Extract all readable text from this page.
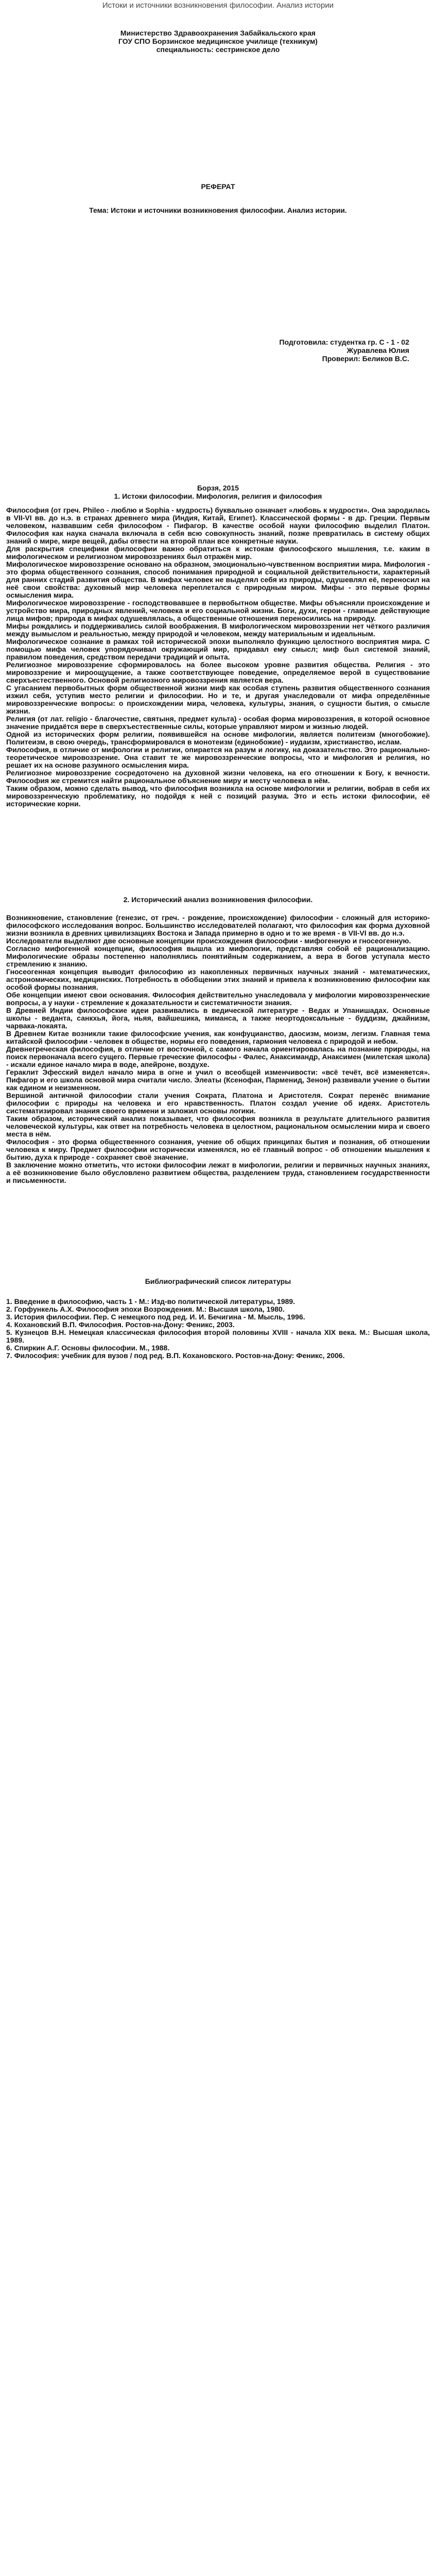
Истоки и источники возникновения философии. Анализ истории
Министерство Здравоохранения Забайкальского края
ГОУ СПО Борзинское медицинское училище (техникум)
специальность: сестринское дело
РЕФЕРАТ
Тема: Истоки и источники возникновения философии. Анализ истории.
Подготовила: студентка гр. С - 1 - 02
Журавлева Юлия
Проверил: Беликов В.С.
Борзя, 2015
1. Истоки философии. Мифология, религия и философия

Философия (от греч. Phileo - люблю и Sophia - мудрость) буквально означает «любовь к мудрости». Она зародилась в VII-VI вв. до н.э. в странах древнего мира (Индия, Китай, Египет). Классической формы - в др. Греции. Первым человеком, назвавшим себя философом - Пифагор. В качестве особой науки философию выделил Платон. Философия как наука сначала включала в себя всю совокупность знаний, позже превратилась в систему общих знаний о мире, мире вещей, дабы отвести на второй план все конкретные науки.

Для раскрытия специфики философии важно обратиться к истокам философского мышления, т.е. каким в мифологическом и религиозном мировоззрениях был отражён мир.

Мифологическое мировоззрение основано на образном, эмоционально-чувственном восприятии мира. Мифология - это форма общественного сознания, способ понимания природной и социальной действительности, характерный для ранних стадий развития общества. В мифах человек не выделял себя из природы, одушевлял её, переносил на неё свои свойства: духовный мир человека переплетался с природным миром. Мифы - это первые формы осмысления мира.

Мифологическое мировоззрение - господствовавшее в первобытном обществе. Мифы объясняли происхождение и устройство мира, природных явлений, человека и его социальной жизни. Боги, духи, герои - главные действующие лица мифов; природа в мифах одушевлялась, а общественные отношения переносились на природу.

Мифы рождались и поддерживались силой воображения. В мифологическом мировоззрении нет чёткого различия между вымыслом и реальностью, между природой и человеком, между материальным и идеальным.

Мифологическое сознание в рамках той исторической эпохи выполняло функцию целостного восприятия мира. С помощью мифа человек упорядочивал окружающий мир, придавал ему смысл; миф был системой знаний, правилом поведения, средством передачи традиций и опыта.

Религиозное мировоззрение сформировалось на более высоком уровне развития общества. Религия - это мировоззрение и мироощущение, а также соответствующее поведение, определяемое верой в существование сверхъестественного. Основой религиозного мировоззрения является вера.

С угасанием первобытных форм общественной жизни миф как особая ступень развития общественного сознания изжил себя, уступив место религии и философии. Но и те, и другая унаследовали от мифа определённые мировоззренческие вопросы: о происхождении мира, человека, культуры, знания, о сущности бытия, о смысле жизни.

Религия (от лат. religio - благочестие, святыня, предмет культа) - особая форма мировоззрения, в которой основное значение придаётся вере в сверхъестественные силы, которые управляют миром и жизнью людей.

Одной из исторических форм религии, появившейся на основе мифологии, является политеизм (многобожие). Политеизм, в свою очередь, трансформировался в монотеизм (единобожие) - иудаизм, христианство, ислам.

Философия, в отличие от мифологии и религии, опирается на разум и логику, на доказательство. Это рационально-теоретическое мировоззрение. Она ставит те же мировоззренческие вопросы, что и мифология и религия, но решает их на основе разумного осмысления мира.

Религиозное мировоззрение сосредоточено на духовной жизни человека, на его отношении к Богу, к вечности. Философия же стремится найти рациональное объяснение миру и месту человека в нём.

Таким образом, можно сделать вывод, что философия возникла на основе мифологии и религии, вобрав в себя их мировоззренческую проблематику, но подойдя к ней с позиций разума. Это и есть истоки философии, её исторические корни.

2. Исторический анализ возникновения философии.

Возникновение, становление (генезис, от греч. - рождение, происхождение) философии - сложный для историко-философского исследования вопрос. Большинство исследователей полагают, что философия как форма духовной жизни возникла в древних цивилизациях Востока и Запада примерно в одно и то же время - в VII-VI вв. до н.э.

Исследователи выделяют две основные концепции происхождения философии - мифогенную и гносеогенную.

Согласно мифогенной концепции, философия вышла из мифологии, представляя собой её рационализацию. Мифологические образы постепенно наполнялись понятийным содержанием, а вера в богов уступала место стремлению к знанию.

Гносеогенная концепция выводит философию из накопленных первичных научных знаний - математических, астрономических, медицинских. Потребность в обобщении этих знаний и привела к возникновению философии как особой формы познания.

Обе концепции имеют свои основания. Философия действительно унаследовала у мифологии мировоззренческие вопросы, а у науки - стремление к доказательности и систематичности знания.

В Древней Индии философские идеи развивались в ведической литературе - Ведах и Упанишадах. Основные школы - веданта, санкхья, йога, ньяя, вайшешика, миманса, а также неортодоксальные - буддизм, джайнизм, чарвака-локаята.

В Древнем Китае возникли такие философские учения, как конфуцианство, даосизм, моизм, легизм. Главная тема китайской философии - человек в обществе, нормы его поведения, гармония человека с природой и небом.

Древнегреческая философия, в отличие от восточной, с самого начала ориентировалась на познание природы, на поиск первоначала всего сущего. Первые греческие философы - Фалес, Анаксимандр, Анаксимен (милетская школа) - искали единое начало мира в воде, апейроне, воздухе.

Гераклит Эфесский видел начало мира в огне и учил о всеобщей изменчивости: «всё течёт, всё изменяется». Пифагор и его школа основой мира считали число. Элеаты (Ксенофан, Парменид, Зенон) развивали учение о бытии как едином и неизменном.

Вершиной античной философии стали учения Сократа, Платона и Аристотеля. Сократ перенёс внимание философии с природы на человека и его нравственность. Платон создал учение об идеях. Аристотель систематизировал знания своего времени и заложил основы логики.

Таким образом, исторический анализ показывает, что философия возникла в результате длительного развития человеческой культуры, как ответ на потребность человека в целостном, рациональном осмыслении мира и своего места в нём.

Философия - это форма общественного сознания, учение об общих принципах бытия и познания, об отношении человека к миру. Предмет философии исторически изменялся, но её главный вопрос - об отношении мышления к бытию, духа к природе - сохраняет своё значение.

В заключение можно отметить, что истоки философии лежат в мифологии, религии и первичных научных знаниях, а её возникновение было обусловлено развитием общества, разделением труда, становлением государственности и письменности.

Библиографический список литературы

1. Введение в философию, часть 1 - М.: Изд-во политической литературы, 1989.

2. Горфункель А.Х. Философия эпохи Возрождения. М.: Высшая школа, 1980.

3. История философии. Пер. С немецкого под ред. И. И. Бечигина - М. Мысль, 1996.

4. Кохановский В.П. Философия. Ростов-на-Дону: Феникс, 2003.

5. Кузнецов В.Н. Немецкая классическая философия второй половины XVIII - начала XIX века. М.: Высшая школа, 1989.

6. Спиркин А.Г. Основы философии. М., 1988.

7. Философия: учебник для вузов / под ред. В.П. Кохановского. Ростов-на-Дону: Феникс, 2006.
